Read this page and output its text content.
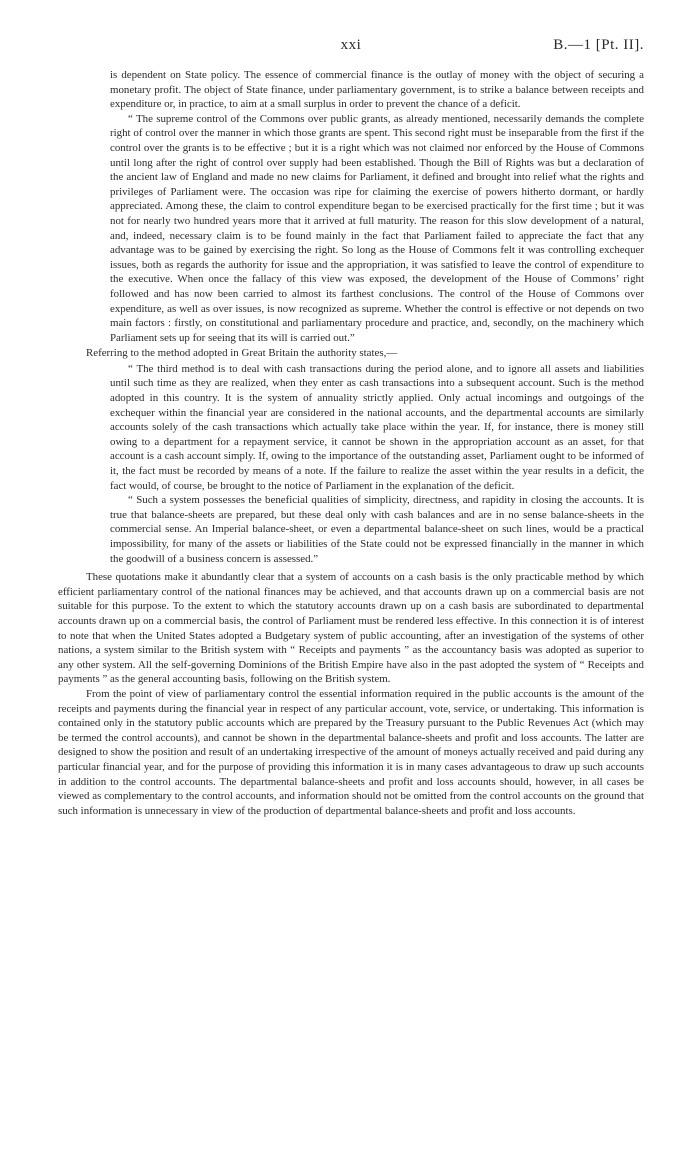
xxi	B.—1 [Pt. II].

is dependent on State policy. The essence of commercial finance is the outlay of money with the object of securing a monetary profit. The object of State finance, under parliamentary government, is to strike a balance between receipts and expenditure or, in practice, to aim at a small surplus in order to prevent the chance of a deficit.

“ The supreme control of the Commons over public grants, as already mentioned, necessarily demands the complete right of control over the manner in which those grants are spent. This second right must be inseparable from the first if the control over the grants is to be effective ; but it is a right which was not claimed nor enforced by the House of Commons until long after the right of control over supply had been established. Though the Bill of Rights was but a declaration of the ancient law of England and made no new claims for Parliament, it defined and brought into relief what the rights and privileges of Parliament were. The occasion was ripe for claiming the exercise of powers hitherto dormant, or hardly appreciated. Among these, the claim to control expenditure began to be exercised practically for the first time ; but it was not for nearly two hundred years more that it arrived at full maturity. The reason for this slow development of a natural, and, indeed, necessary claim is to be found mainly in the fact that Parliament failed to appreciate the fact that any advantage was to be gained by exercising the right. So long as the House of Commons felt it was controlling exchequer issues, both as regards the authority for issue and the appropriation, it was satisfied to leave the control of expenditure to the executive. When once the fallacy of this view was exposed, the development of the House of Commons’ right followed and has now been carried to almost its farthest conclusions. The control of the House of Commons over expenditure, as well as over issues, is now recognized as supreme. Whether the control is effective or not depends on two main factors : firstly, on constitutional and parliamentary procedure and practice, and, secondly, on the machinery which Parliament sets up for seeing that its will is carried out.”

Referring to the method adopted in Great Britain the authority states,—

“ The third method is to deal with cash transactions during the period alone, and to ignore all assets and liabilities until such time as they are realized, when they enter as cash transactions into a subsequent account. Such is the method adopted in this country. It is the system of annuality strictly applied. Only actual incomings and outgoings of the exchequer within the financial year are considered in the national accounts, and the departmental accounts are similarly accounts solely of the cash transactions which actually take place within the year. If, for instance, there is money still owing to a department for a repayment service, it cannot be shown in the appropriation account as an asset, for that account is a cash account simply. If, owing to the importance of the outstanding asset, Parliament ought to be informed of it, the fact must be recorded by means of a note. If the failure to realize the asset within the year results in a deficit, the fact would, of course, be brought to the notice of Parliament in the explanation of the deficit.

“ Such a system possesses the beneficial qualities of simplicity, directness, and rapidity in closing the accounts. It is true that balance-sheets are prepared, but these deal only with cash balances and are in no sense balance-sheets in the commercial sense. An Imperial balance-sheet, or even a departmental balance-sheet on such lines, would be a practical impossibility, for many of the assets or liabilities of the State could not be expressed financially in the manner in which the goodwill of a business concern is assessed.”

These quotations make it abundantly clear that a system of accounts on a cash basis is the only practicable method by which efficient parliamentary control of the national finances may be achieved, and that accounts drawn up on a commercial basis are not suitable for this purpose. To the extent to which the statutory accounts drawn up on a cash basis are subordinated to departmental accounts drawn up on a commercial basis, the control of Parliament must be rendered less effective. In this connection it is of interest to note that when the United States adopted a Budgetary system of public accounting, after an investigation of the systems of other nations, a system similar to the British system with “ Receipts and payments ” as the accountancy basis was adopted as superior to any other system. All the self-governing Dominions of the British Empire have also in the past adopted the system of “ Receipts and payments ” as the general accounting basis, following on the British system.

From the point of view of parliamentary control the essential information required in the public accounts is the amount of the receipts and payments during the financial year in respect of any particular account, vote, service, or undertaking. This information is contained only in the statutory public accounts which are prepared by the Treasury pursuant to the Public Revenues Act (which may be termed the control accounts), and cannot be shown in the departmental balance-sheets and profit and loss accounts. The latter are designed to show the position and result of an undertaking irrespective of the amount of moneys actually received and paid during any particular financial year, and for the purpose of providing this information it is in many cases advantageous to draw up such accounts in addition to the control accounts. The departmental balance-sheets and profit and loss accounts should, however, in all cases be viewed as complementary to the control accounts, and information should not be omitted from the control accounts on the ground that such information is unnecessary in view of the production of departmental balance-sheets and profit and loss accounts.
